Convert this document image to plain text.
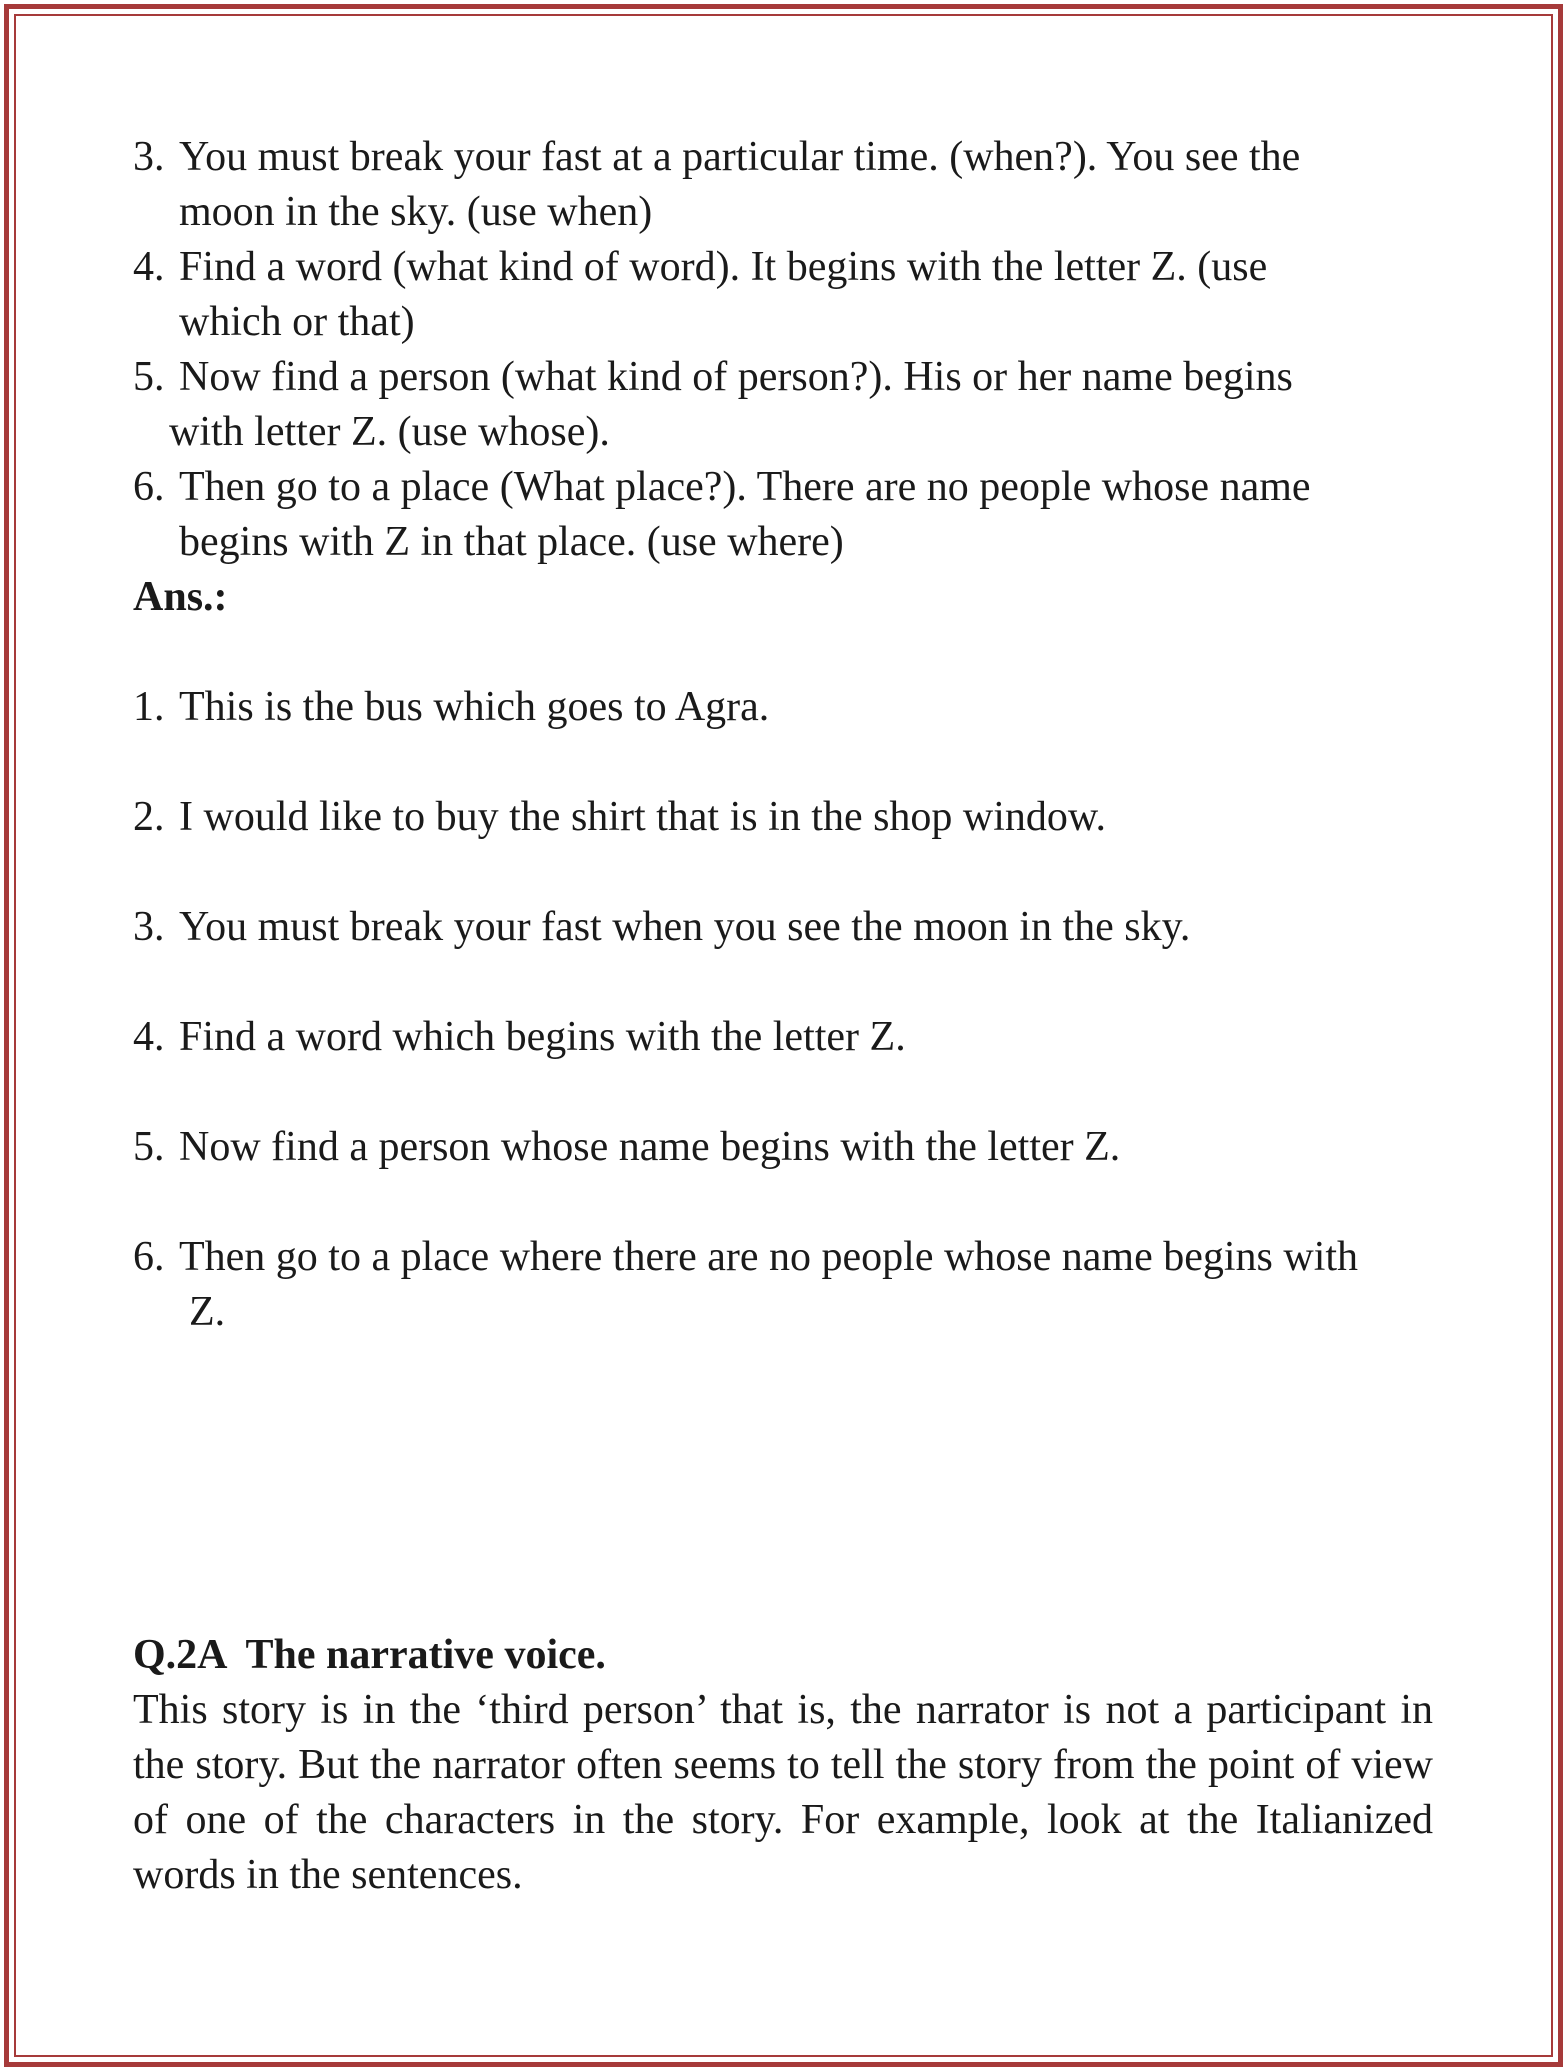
3. You must break your fast at a particular time. (when?). You see the
moon in the sky. (use when)
4. Find a word (what kind of word). It begins with the letter Z. (use
which or that)
5. Now find a person (what kind of person?). His or her name begins
with letter Z. (use whose).
6. Then go to a place (What place?). There are no people whose name
begins with Z in that place. (use where)
Ans.:
1. This is the bus which goes to Agra.
2. I would like to buy the shirt that is in the shop window.
3. You must break your fast when you see the moon in the sky.
4. Find a word which begins with the letter Z.
5. Now find a person whose name begins with the letter Z.
6. Then go to a place where there are no people whose name begins with
Z.
Q.2A The narrative voice.
This story is in the ‘third person’ that is, the narrator is not a participant in the story. But the narrator often seems to tell the story from the point of view of one of the characters in the story. For example, look at the Italianized words in the sentences.
